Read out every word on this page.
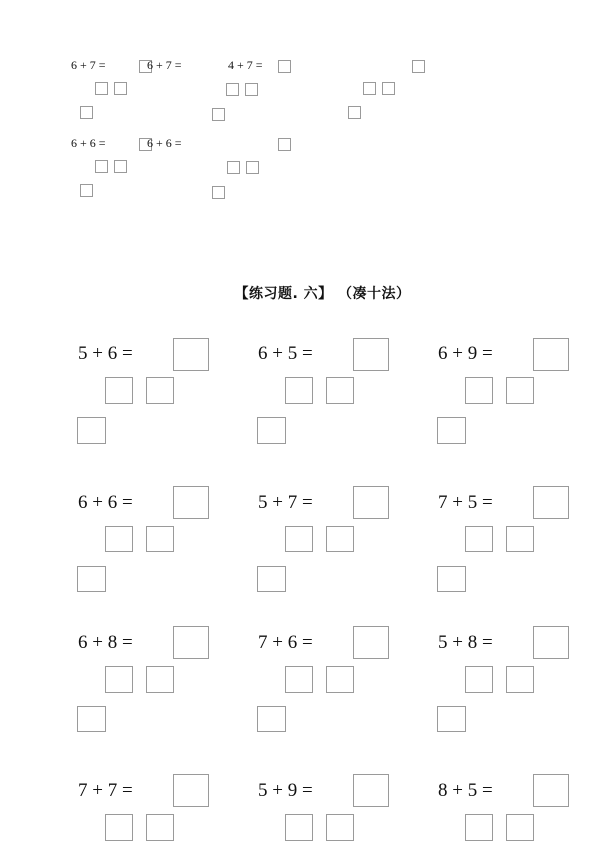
6 + 7 =	6 + 7 =	4 + 7 =
6 + 6 =	6 + 6 =
【练习题. 六】 （凑十法）
5 + 6 =	6 + 5 =	6 + 9 =
6 + 6 =	5 + 7 =	7 + 5 =
6 + 8 =	7 + 6 =	5 + 8 =
7 + 7 =	5 + 9 =	8 + 5 =
